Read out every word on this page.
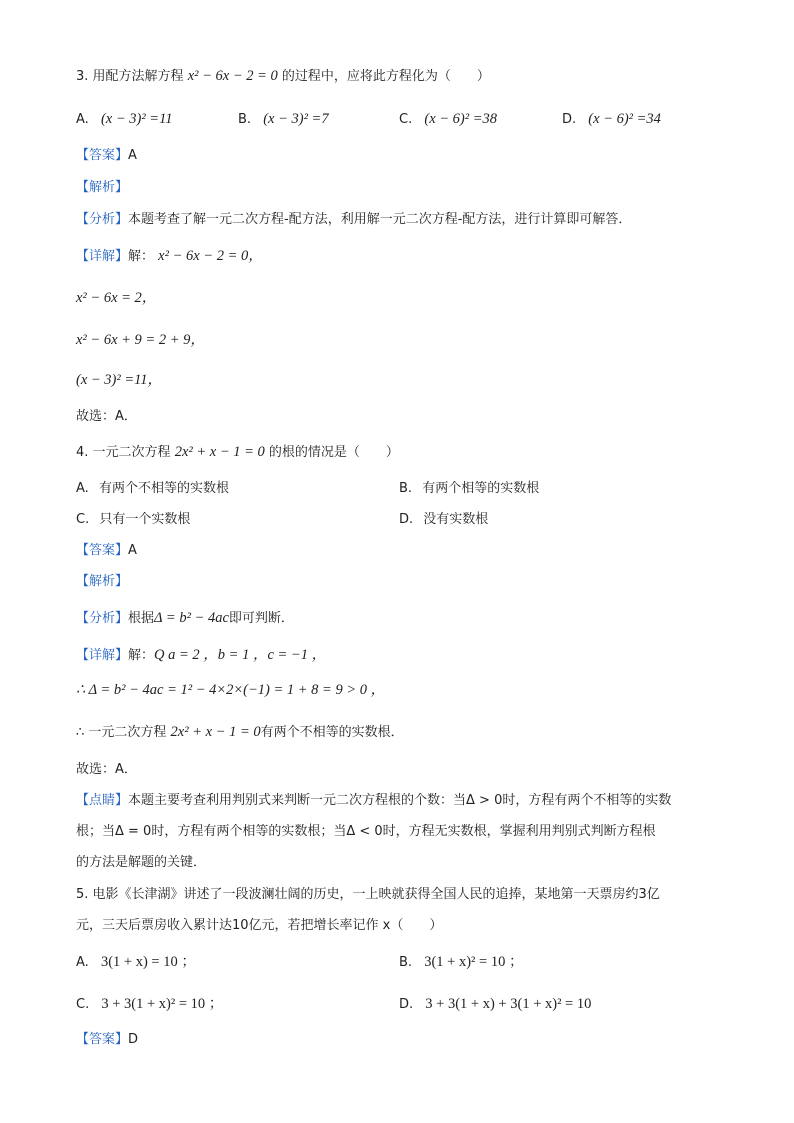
3. 用配方法解方程 x² − 6x − 2 = 0 的过程中，应将此方程化为（　　）
A. (x − 3)² =11	B. (x − 3)² =7	C. (x − 6)² =38	D. (x − 6)² =34
【答案】A
【解析】
【分析】本题考查了解一元二次方程-配方法，利用解一元二次方程-配方法，进行计算即可解答．
【详解】解： x² − 6x − 2 = 0，
x² − 6x = 2，
x² − 6x + 9 = 2 + 9，
(x − 3)² =11，
故选：A．
4. 一元二次方程 2x² + x − 1 = 0 的根的情况是（　　）
A. 有两个不相等的实数根	B. 有两个相等的实数根
C. 只有一个实数根	D. 没有实数根
【答案】A
【解析】
【分析】根据Δ = b² − 4ac即可判断．
【详解】解：Q a = 2 ，b = 1 ，c = −1 ，
∴ Δ = b² − 4ac = 1² − 4×2×(−1) = 1 + 8 = 9 > 0 ，
∴ 一元二次方程 2x² + x − 1 = 0有两个不相等的实数根．
故选：A．
【点睛】本题主要考查利用判别式来判断一元二次方程根的个数：当Δ > 0时，方程有两个不相等的实数
根；当Δ = 0时，方程有两个相等的实数根；当Δ < 0时，方程无实数根，掌握利用判别式判断方程根
的方法是解题的关键．
5. 电影《长津湖》讲述了一段波澜壮阔的历史，一上映就获得全国人民的追捧，某地第一天票房约3亿
元，三天后票房收入累计达10亿元，若把增长率记作 x（　　）
A. 3(1 + x) = 10 ；	B. 3(1 + x)² = 10 ；
C. 3 + 3(1 + x)² = 10 ；	D. 3 + 3(1 + x) + 3(1 + x)² = 10
【答案】D
